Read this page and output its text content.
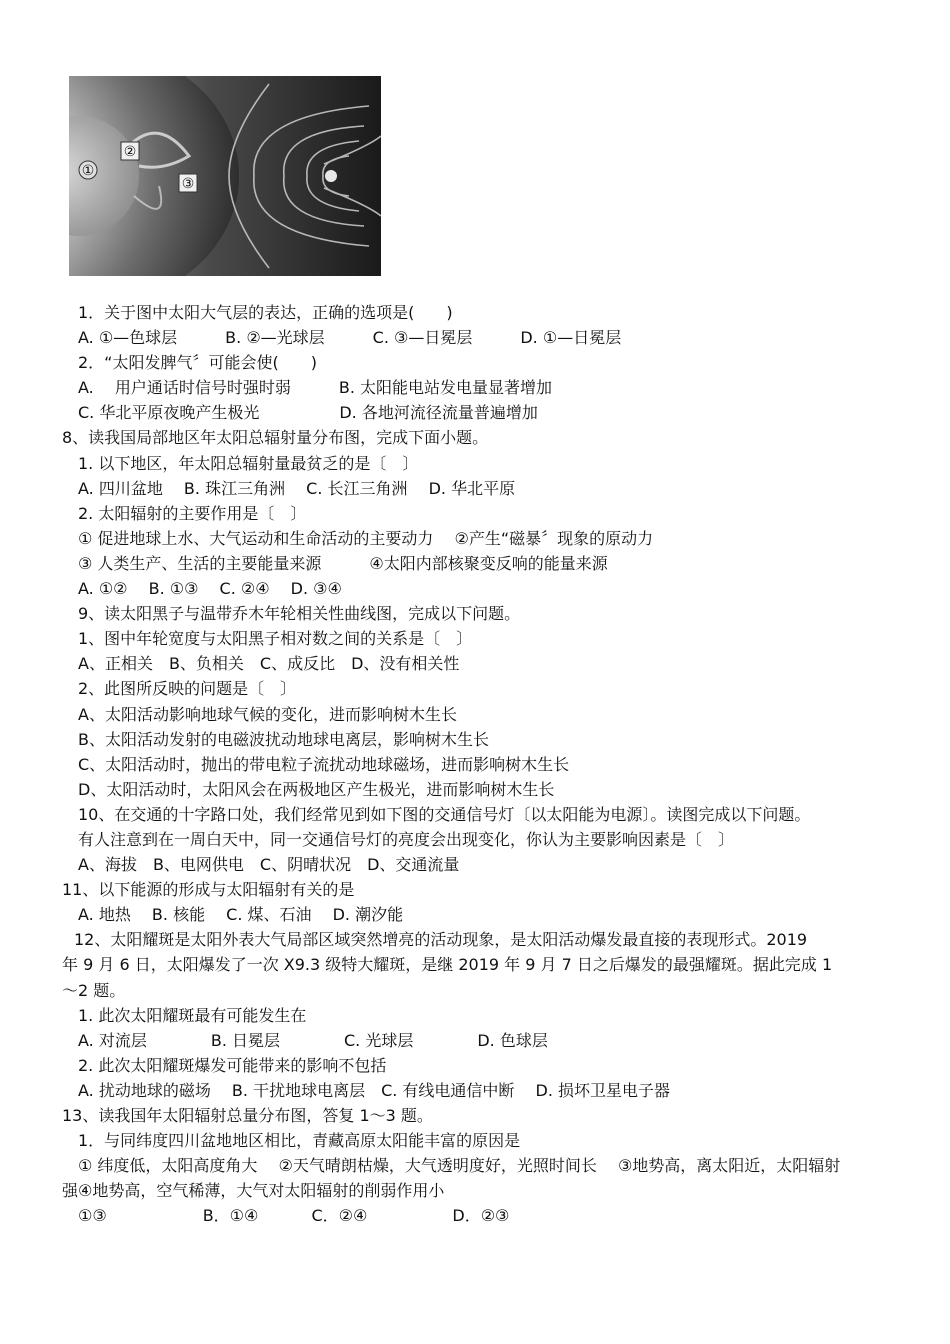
①
②
③
1．关于图中太阳大气层的表达，正确的选项是(　　)
A. ①—色球层　　　B. ②—光球层　　　C. ③—日冕层　　　D. ①—日冕层
2．“太阳发脾气〞可能会使(　　)
A.　 用户通话时信号时强时弱　　　B. 太阳能电站发电量显著增加
C. 华北平原夜晚产生极光　　　　　D. 各地河流径流量普遍增加
8、读我国局部地区年太阳总辐射量分布图，完成下面小题。
1. 以下地区，年太阳总辐射量最贫乏的是〔　〕
A. 四川盆地　 B. 珠江三角洲　 C. 长江三角洲　 D. 华北平原
2. 太阳辐射的主要作用是〔　〕
① 促进地球上水、大气运动和生命活动的主要动力　 ②产生“磁暴〞现象的原动力
③ 人类生产、生活的主要能量来源　　　④太阳内部核聚变反响的能量来源
A. ①②　 B. ①③　 C. ②④　 D. ③④
9、读太阳黑子与温带乔木年轮相关性曲线图，完成以下问题。
1、图中年轮宽度与太阳黑子相对数之间的关系是〔　〕
A、正相关　B、负相关　C、成反比　D、没有相关性
2、此图所反映的问题是〔　〕
A、太阳活动影响地球气候的变化，进而影响树木生长
B、太阳活动发射的电磁波扰动地球电离层，影响树木生长
C、太阳活动时，抛出的带电粒子流扰动地球磁场，进而影响树木生长
D、太阳活动时，太阳风会在两极地区产生极光，进而影响树木生长
10、在交通的十字路口处，我们经常见到如下图的交通信号灯〔以太阳能为电源〕。读图完成以下问题。
有人注意到在一周白天中，同一交通信号灯的亮度会出现变化，你认为主要影响因素是〔　〕
A、海拔　B、电网供电　C、阴晴状况　D、交通流量
11、以下能源的形成与太阳辐射有关的是
A. 地热　 B. 核能　 C. 煤、石油　 D. 潮汐能
12、太阳耀斑是太阳外表大气局部区域突然增亮的活动现象，是太阳活动爆发最直接的表现形式。2019
年 9 月 6 日，太阳爆发了一次 X9.3 级特大耀斑，是继 2019 年 9 月 7 日之后爆发的最强耀斑。据此完成 1
～2 题。
1. 此次太阳耀斑最有可能发生在
A. 对流层　　　　B. 日冕层　　　　C. 光球层　　　　D. 色球层
2. 此次太阳耀斑爆发可能带来的影响不包括
A. 扰动地球的磁场　 B. 干扰地球电离层　C. 有线电通信中断　 D. 损坏卫星电子器
13、读我国年太阳辐射总量分布图，答复 1～3 题。
1．与同纬度四川盆地地区相比，青藏高原太阳能丰富的原因是
① 纬度低，太阳高度角大　 ②天气晴朗枯燥，大气透明度好，光照时间长　 ③地势高，离太阳近，太阳辐射
强④地势高，空气稀薄，大气对太阳辐射的削弱作用小
①③　　　　　　B．①④　　　 C．②④　　　　　 D．②③
